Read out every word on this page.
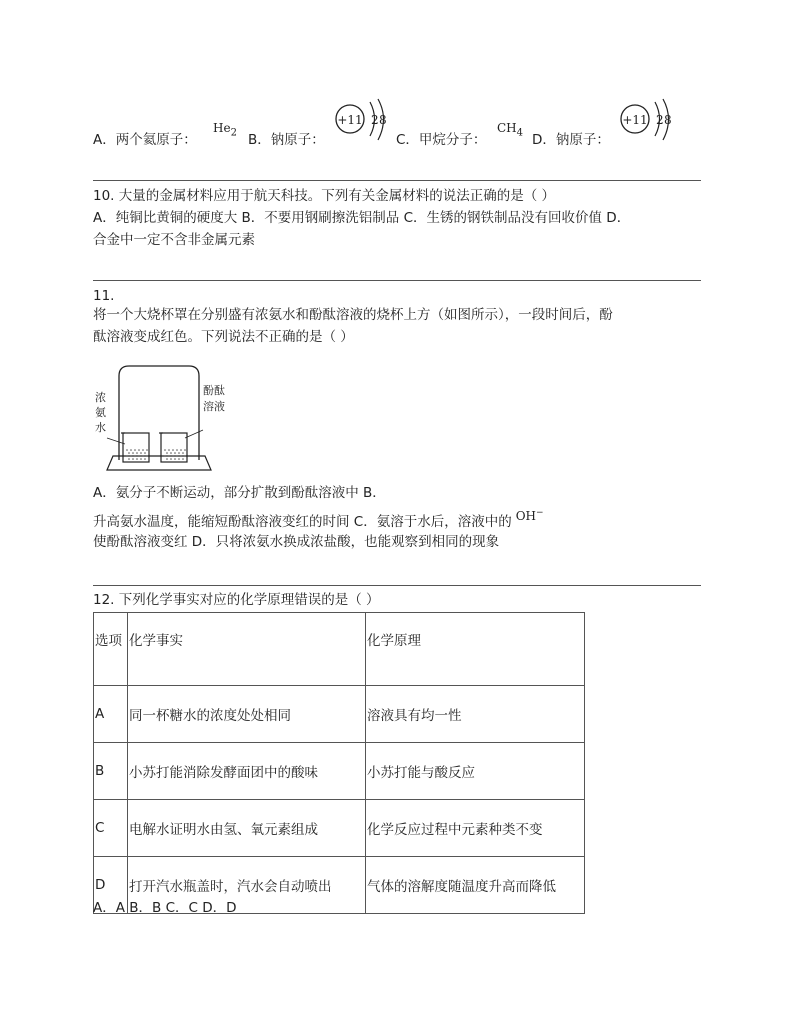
A．两个氦原子：
$He_2$ B．钠原子：
+11 2 8
C．甲烷分子：
$CH_4$ D．钠原子：
+11 2 8
10. 大量的金属材料应用于航天科技。下列有关金属材料的说法正确的是（ ）
A．纯铜比黄铜的硬度大 B．不要用钢刷擦洗铝制品 C．生锈的钢铁制品没有回收价值 D．
合金中一定不含非金属元素
11.
将一个大烧杯罩在分别盛有浓氨水和酚酞溶液的烧杯上方（如图所示），一段时间后，酚
酞溶液变成红色。下列说法不正确的是（ ）
浓
氨
水
酚酞
溶液
A．氨分子不断运动，部分扩散到酚酞溶液中 B．
升高氨水温度，能缩短酚酞溶液变红的时间 C．氨溶于水后，溶液中的 OH−
使酚酞溶液变红 D．只将浓氨水换成浓盐酸，也能观察到相同的现象
12. 下列化学事实对应的化学原理错误的是（ ）
选项	化学事实	化学原理
A	同一杯糖水的浓度处处相同	溶液具有均一性
B	小苏打能消除发酵面团中的酸味	小苏打能与酸反应
C	电解水证明水由氢、氧元素组成	化学反应过程中元素种类不变
D	打开汽水瓶盖时，汽水会自动喷出	气体的溶解度随温度升高而降低
A．A B．B C．C D．D
